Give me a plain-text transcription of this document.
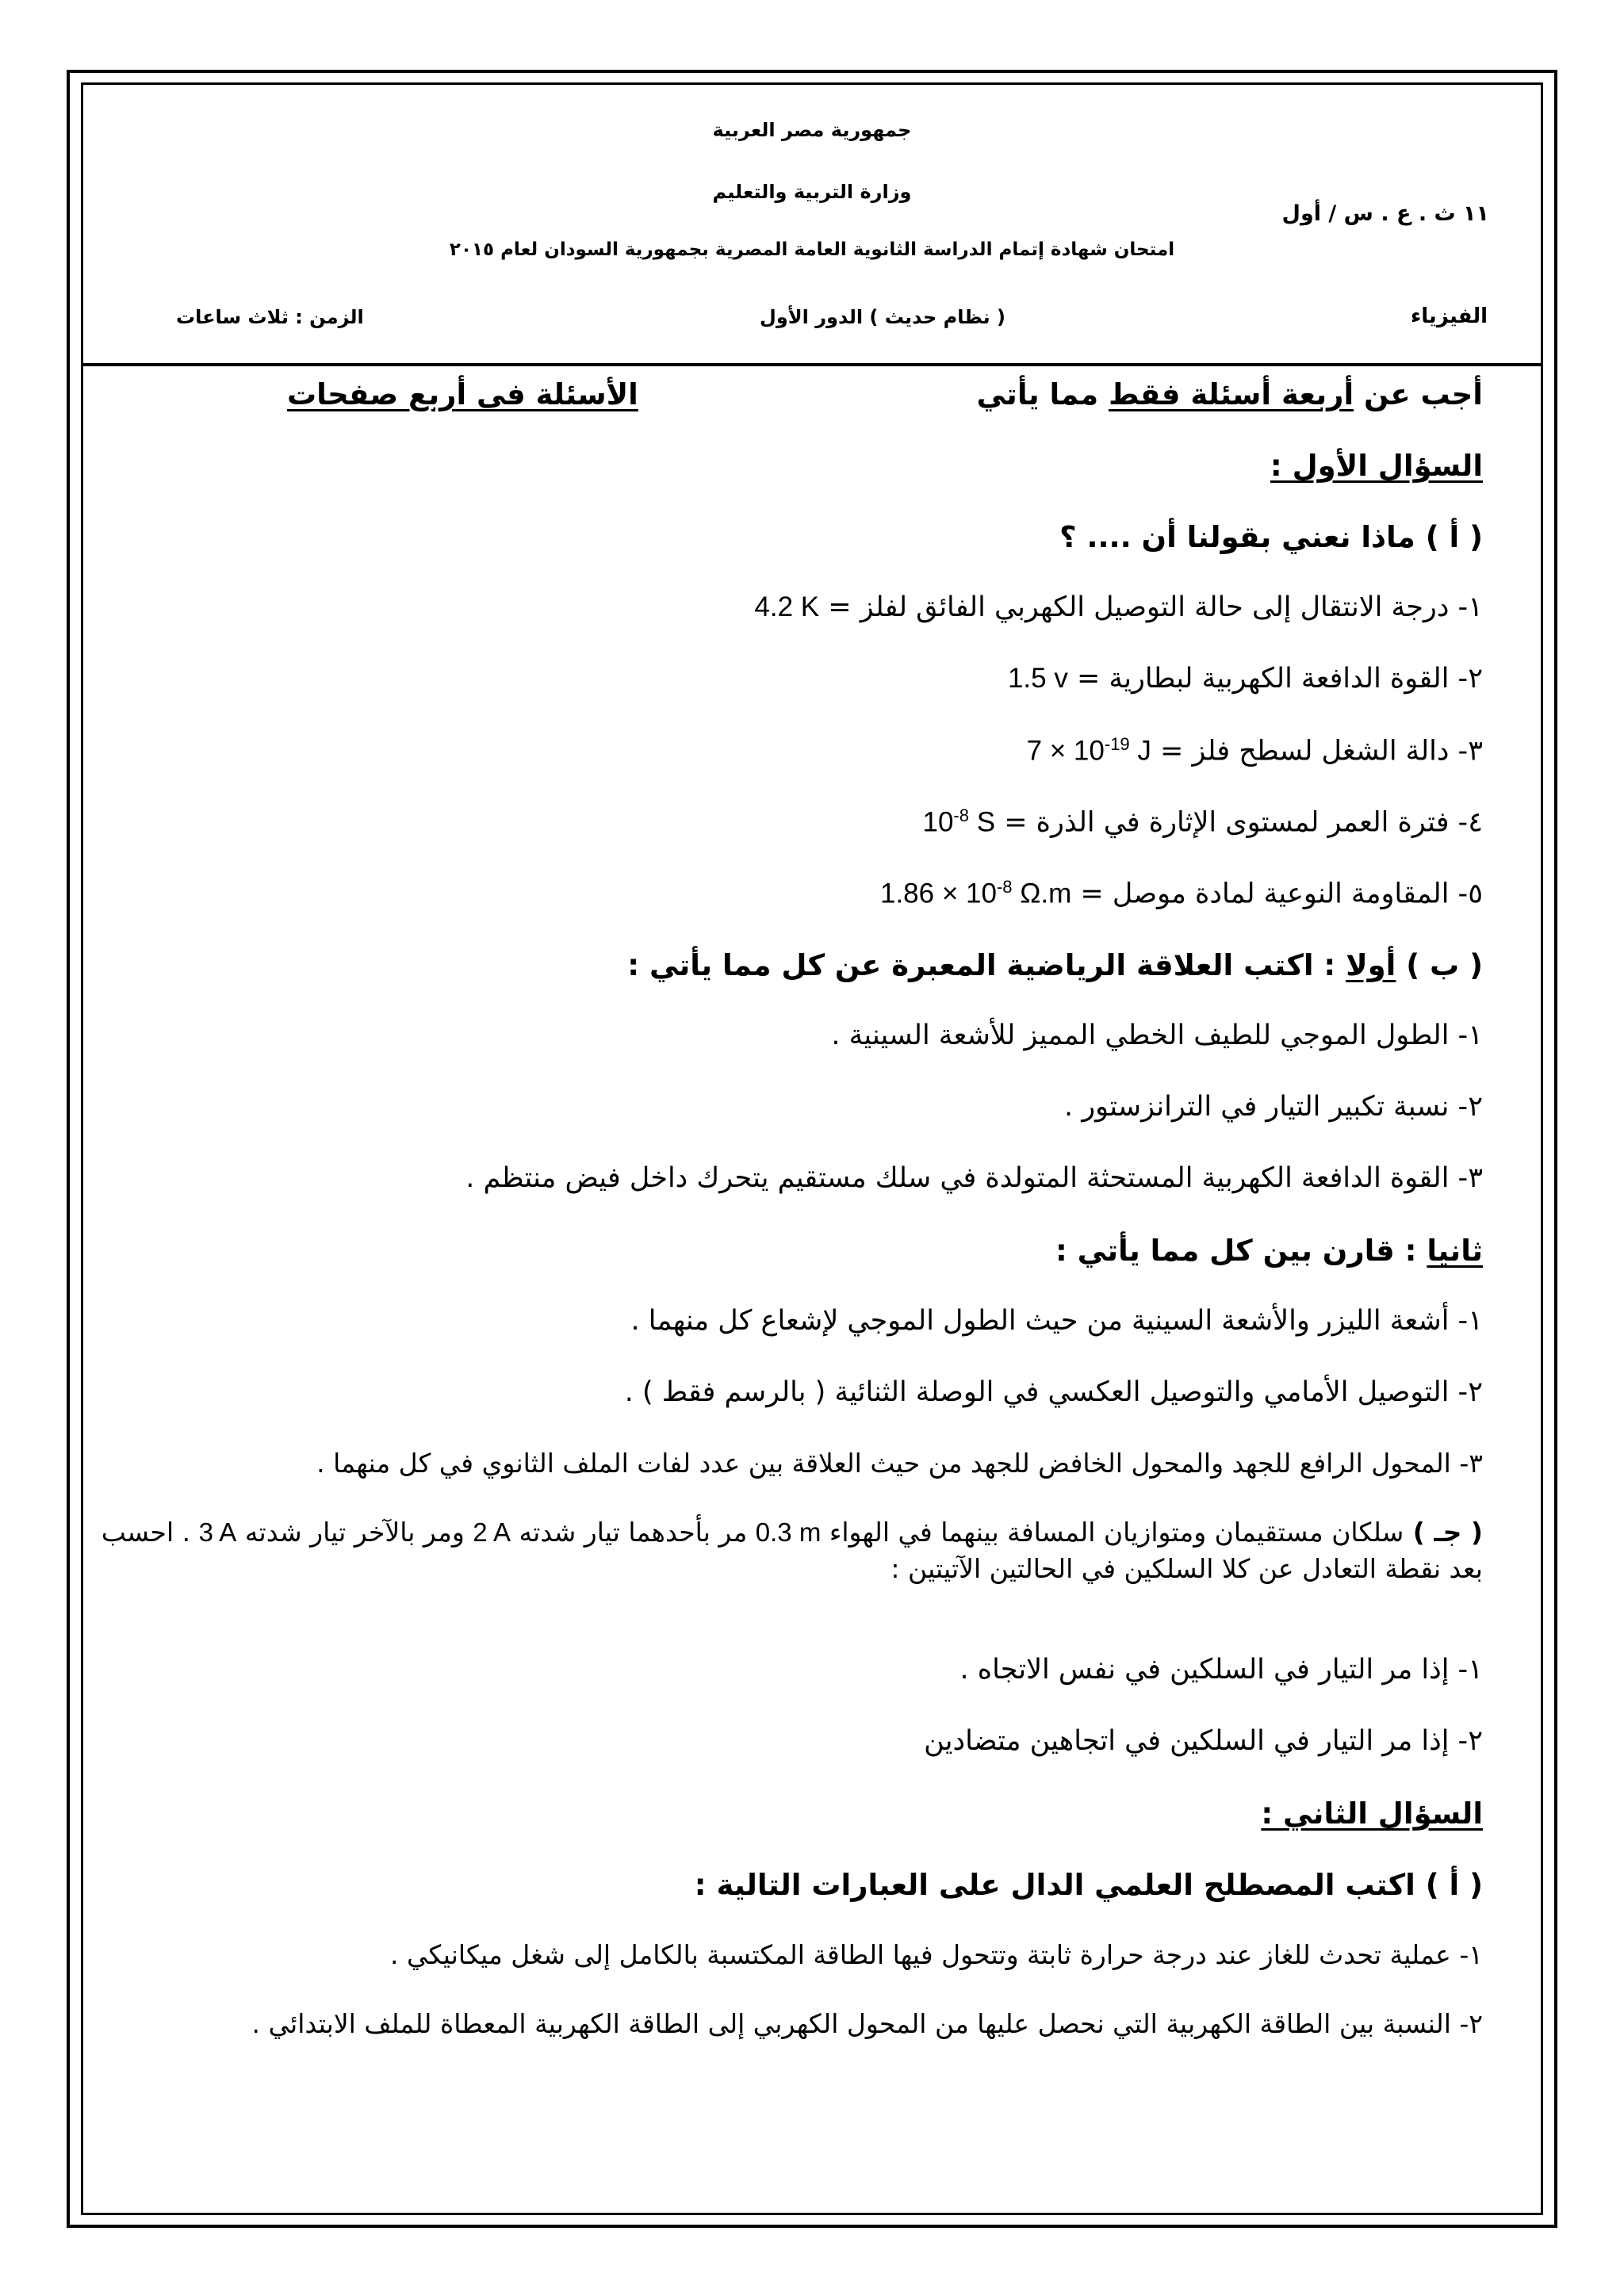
جمهورية مصر العربية
وزارة التربية والتعليم
١١ ث . ع . س / أول
امتحان شهادة إتمام الدراسة الثانوية العامة المصرية بجمهورية السودان لعام ٢٠١٥
الفيزياء
( نظام حديث ) الدور الأول
الزمن : ثلاث ساعات
أجب عن أربعة أسئلة فقط مما يأتي
الأسئلة فى أربع صفحات
السؤال الأول :
( أ ) ماذا نعني بقولنا أن .... ؟
١- درجة الانتقال إلى حالة التوصيل الكهربي الفائق لفلز = 4.2 K
٢- القوة الدافعة الكهربية لبطارية = 1.5 v
٣- دالة الشغل لسطح فلز = $7 \times 10^{-19}$ J
٤- فترة العمر لمستوى الإثارة في الذرة = $10^{-8}$ S
٥- المقاومة النوعية لمادة موصل = $1.86 \times 10^{-8}$ Ω.m
( ب ) أولا : اكتب العلاقة الرياضية المعبرة عن كل مما يأتي :
١- الطول الموجي للطيف الخطي المميز للأشعة السينية .
٢- نسبة تكبير التيار في الترانزستور .
٣- القوة الدافعة الكهربية المستحثة المتولدة في سلك مستقيم يتحرك داخل فيض منتظم .
ثانيا : قارن بين كل مما يأتي :
١- أشعة الليزر والأشعة السينية من حيث الطول الموجي لإشعاع كل منهما .
٢- التوصيل الأمامي والتوصيل العكسي في الوصلة الثنائية ( بالرسم فقط ) .
٣- المحول الرافع للجهد والمحول الخافض للجهد من حيث العلاقة بين عدد لفات الملف الثانوي في كل منهما .
( جـ ) سلكان مستقيمان ومتوازيان المسافة بينهما في الهواء 0.3 m مر بأحدهما تيار شدته 2 A ومر بالآخر تيار شدته 3 A . احسب بعد نقطة التعادل عن كلا السلكين في الحالتين الآتيتين :
١- إذا مر التيار في السلكين في نفس الاتجاه .
٢- إذا مر التيار في السلكين في اتجاهين متضادين
السؤال الثاني :
( أ ) اكتب المصطلح العلمي الدال على العبارات التالية :
١- عملية تحدث للغاز عند درجة حرارة ثابتة وتتحول فيها الطاقة المكتسبة بالكامل إلى شغل ميكانيكي .
٢- النسبة بين الطاقة الكهربية التي نحصل عليها من المحول الكهربي إلى الطاقة الكهربية المعطاة للملف الابتدائي .
